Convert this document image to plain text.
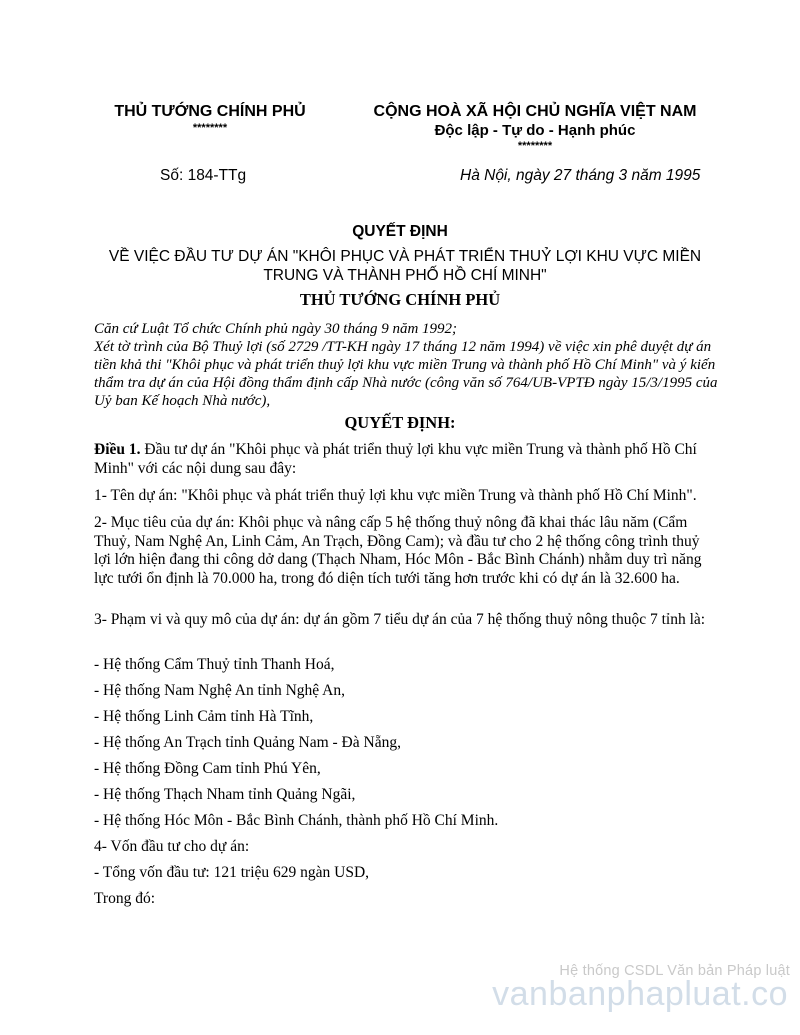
THỦ TƯỚNG CHÍNH PHỦ
********
CỘNG HOÀ XÃ HỘI CHỦ NGHĨA VIỆT NAM
Độc lập - Tự do - Hạnh phúc
********
Số: 184-TTg	Hà Nội, ngày 27 tháng 3 năm 1995
QUYẾT ĐỊNH
VỀ VIỆC ĐẦU TƯ DỰ ÁN "KHÔI PHỤC VÀ PHÁT TRIỂN THUỶ LỢI KHU VỰC MIỀN TRUNG VÀ THÀNH PHỐ HỒ CHÍ MINH"
THỦ TƯỚNG CHÍNH PHỦ

Căn cứ Luật Tổ chức Chính phủ ngày 30 tháng 9 năm 1992;

Xét tờ trình của Bộ Thuỷ lợi (số 2729 /TT-KH ngày 17 tháng 12 năm 1994) về việc xin phê duyệt dự án tiền khả thi "Khôi phục và phát triển thuỷ lợi khu vực miền Trung và thành phố Hồ Chí Minh" và ý kiến thẩm tra dự án của Hội đồng thẩm định cấp Nhà nước (công văn số 764/UB-VPTĐ ngày 15/3/1995 của Uỷ ban Kế hoạch Nhà nước),

QUYẾT ĐỊNH:
Điều 1. Đầu tư dự án "Khôi phục và phát triển thuỷ lợi khu vực miền Trung và thành phố Hồ Chí Minh" với các nội dung sau đây:
1- Tên dự án: "Khôi phục và phát triển thuỷ lợi khu vực miền Trung và thành phố Hồ Chí Minh".
2- Mục tiêu của dự án: Khôi phục và nâng cấp 5 hệ thống thuỷ nông đã khai thác lâu năm (Cẩm Thuỷ, Nam Nghệ An, Linh Cảm, An Trạch, Đồng Cam); và đầu tư cho 2 hệ thống công trình thuỷ lợi lớn hiện đang thi công dở dang (Thạch Nham, Hóc Môn - Bắc Bình Chánh) nhằm duy trì năng lực tưới ổn định là 70.000 ha, trong đó diện tích tưới tăng hơn trước khi có dự án là 32.600 ha.
3- Phạm vi và quy mô của dự án: dự án gồm 7 tiểu dự án của 7 hệ thống thuỷ nông thuộc 7 tỉnh là:
- Hệ thống Cẩm Thuỷ tỉnh Thanh Hoá,
- Hệ thống Nam Nghệ An tỉnh Nghệ An,
- Hệ thống Linh Cảm tỉnh Hà Tĩnh,
- Hệ thống An Trạch tỉnh Quảng Nam - Đà Nẵng,
- Hệ thống Đồng Cam tỉnh Phú Yên,
- Hệ thống Thạch Nham tỉnh Quảng Ngãi,
- Hệ thống Hóc Môn - Bắc Bình Chánh, thành phố Hồ Chí Minh.
4- Vốn đầu tư cho dự án:
- Tổng vốn đầu tư: 121 triệu 629 ngàn USD,
Trong đó:
Hệ thống CSDL Văn bản Pháp luật
vanbanphapluat.co
